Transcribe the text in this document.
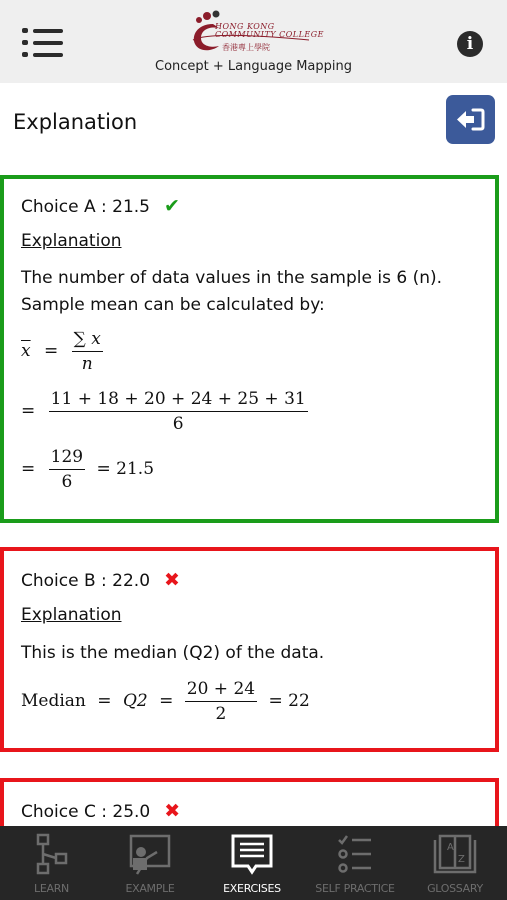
HONG KONG
COMMUNITY COLLEGE
香港專上學院
Concept + Language Mapping
i
Explanation
Choice A : 21.5 ✔
Explanation
The number of data values in the sample is 6 (n).
Sample mean can be calculated by:
$\overline{x} = \frac{\sum x}{n}$
= $\frac{11 + 18 + 20 + 24 + 25 + 31}{6}$
= $\frac{129}{6} = 21.5$
Choice B : 22.0 ✖
Explanation
This is the median (Q2) of the data.
Median = $Q2 = \frac{20 + 24}{2} = 22$
Choice C : 25.0 ✖
LEARN	EXAMPLE	EXERCISES	SELF PRACTICE
A
Z
GLOSSARY
